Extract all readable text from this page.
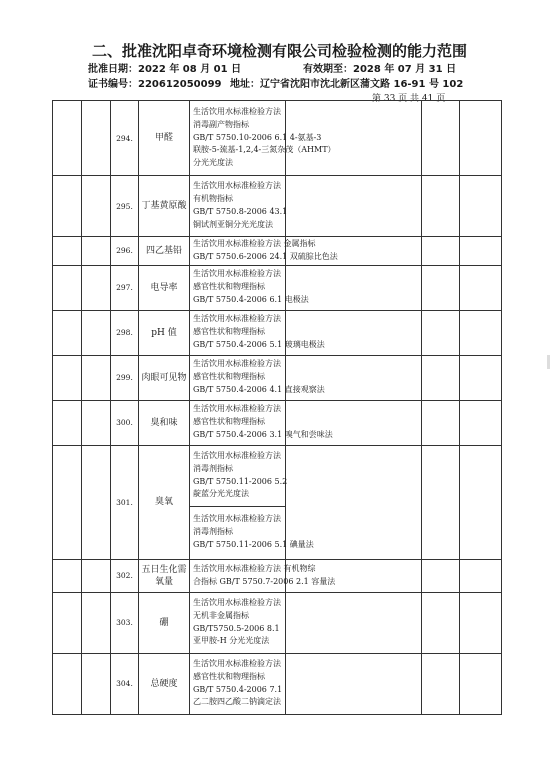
二、批准沈阳卓奇环境检测有限公司检验检测的能力范围
批准日期：2022 年 08 月 01 日	有效期至：2028 年 07 月 31 日
证书编号：220612050099 地址：辽宁省沈阳市沈北新区蒲文路 16-91 号 102
第 33 页 共 41 页
		294.	甲醛	生活饮用水标准检验方法
消毒副产物指标
GB/T 5750.10-2006 6.1 4-氨基-3
联胺-5-巯基-1,2,4-三氮杂茂（AHMT）
分光光度法			

		295.	丁基黄原酸	生活饮用水标准检验方法
有机物指标
GB/T 5750.8-2006 43.1
铜试剂亚铜分光光度法			

		296.	四乙基铅	生活饮用水标准检验方法 金属指标
GB/T 5750.6-2006 24.1 双硫腙比色法			

		297.	电导率	生活饮用水标准检验方法
感官性状和物理指标
GB/T 5750.4-2006 6.1 电极法			

		298.	pH 值	生活饮用水标准检验方法
感官性状和物理指标
GB/T 5750.4-2006 5.1 玻璃电极法			

		299.	肉眼可见物	生活饮用水标准检验方法
感官性状和物理指标
GB/T 5750.4-2006 4.1 直接观察法			

		300.	臭和味	生活饮用水标准检验方法
感官性状和物理指标
GB/T 5750.4-2006 3.1 嗅气和尝味法			

		301.	臭氧	生活饮用水标准检验方法
消毒剂指标
GB/T 5750.11-2006 5.2
靛蓝分光光度法			

				生活饮用水标准检验方法
消毒剂指标
GB/T 5750.11-2006 5.1 碘量法			

		302.	五日生化需氧量	生活饮用水标准检验方法 有机物综
合指标 GB/T 5750.7-2006 2.1 容量法			

		303.	硼	生活饮用水标准检验方法
无机非金属指标
GB/T5750.5-2006 8.1
亚甲胺-H 分光光度法			

		304.	总硬度	生活饮用水标准检验方法
感官性状和物理指标
GB/T 5750.4-2006 7.1
乙二胺四乙酸二钠滴定法			
